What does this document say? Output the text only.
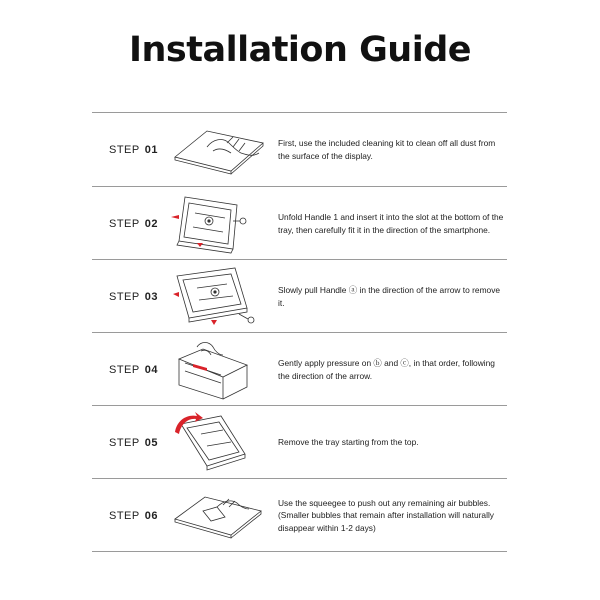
Installation Guide
STEP 01

First, use the included cleaning kit to clean off all dust from the surface of the display.

STEP 02

Unfold Handle 1 and insert it into the slot at the bottom of the tray, then carefully fit it in the direction of the smartphone.

STEP 03

Slowly pull Handle ⓐ in the direction of the arrow to remove it.

STEP 04

Gently apply pressure on ⓑ and ⓒ, in that order, following the direction of the arrow.

STEP 05	Remove the tray starting from the top.

STEP 06

Use the squeegee to push out any remaining air bubbles. (Smaller bubbles that remain after installation will naturally disappear within 1-2 days)
